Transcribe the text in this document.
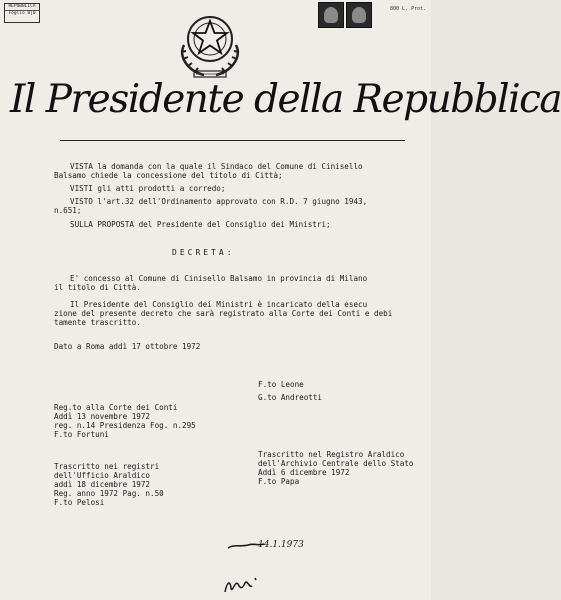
REPUBBLICA
Foglio 8|0
800 L. Prot.
Il Presidente della Repubblica
VISTA la domanda con la quale il Sindaco del Comune di Cinisello
Balsamo chiede la concessione del titolo di Città;
VISTI gli atti prodotti a corredo;
VISTO l'art.32 dell'Ordinamento approvato con R.D. 7 giugno 1943,
n.651;
SULLA PROPOSTA del Presidente del Consiglio dei Ministri;
DECRETA:
E' concesso al Comune di Cinisello Balsamo in provincia di Milano
il titolo di Città.
Il Presidente del Consiglio dei Ministri è incaricato della esecu
zione del presente decreto che sarà registrato alla Corte dei Conti e debi
tamente trascritto.
Dato a Roma addì 17 ottobre 1972
F.to Leone
G.to Andreotti
Reg.to alla Corte dei Conti
Addì 13 novembre 1972
reg. n.14 Presidenza Fog. n.295
F.to Fortuni
Trascritto nel Registro Araldico
dell'Archivio Centrale dello Stato
Addì 6 dicembre 1972
F.to Papa
Trascritto nei registri
dell'Ufficio Araldico
addì 18 dicembre 1972
Reg. anno 1972 Pag. n.50
F.to Pelosi
14.1.1973
